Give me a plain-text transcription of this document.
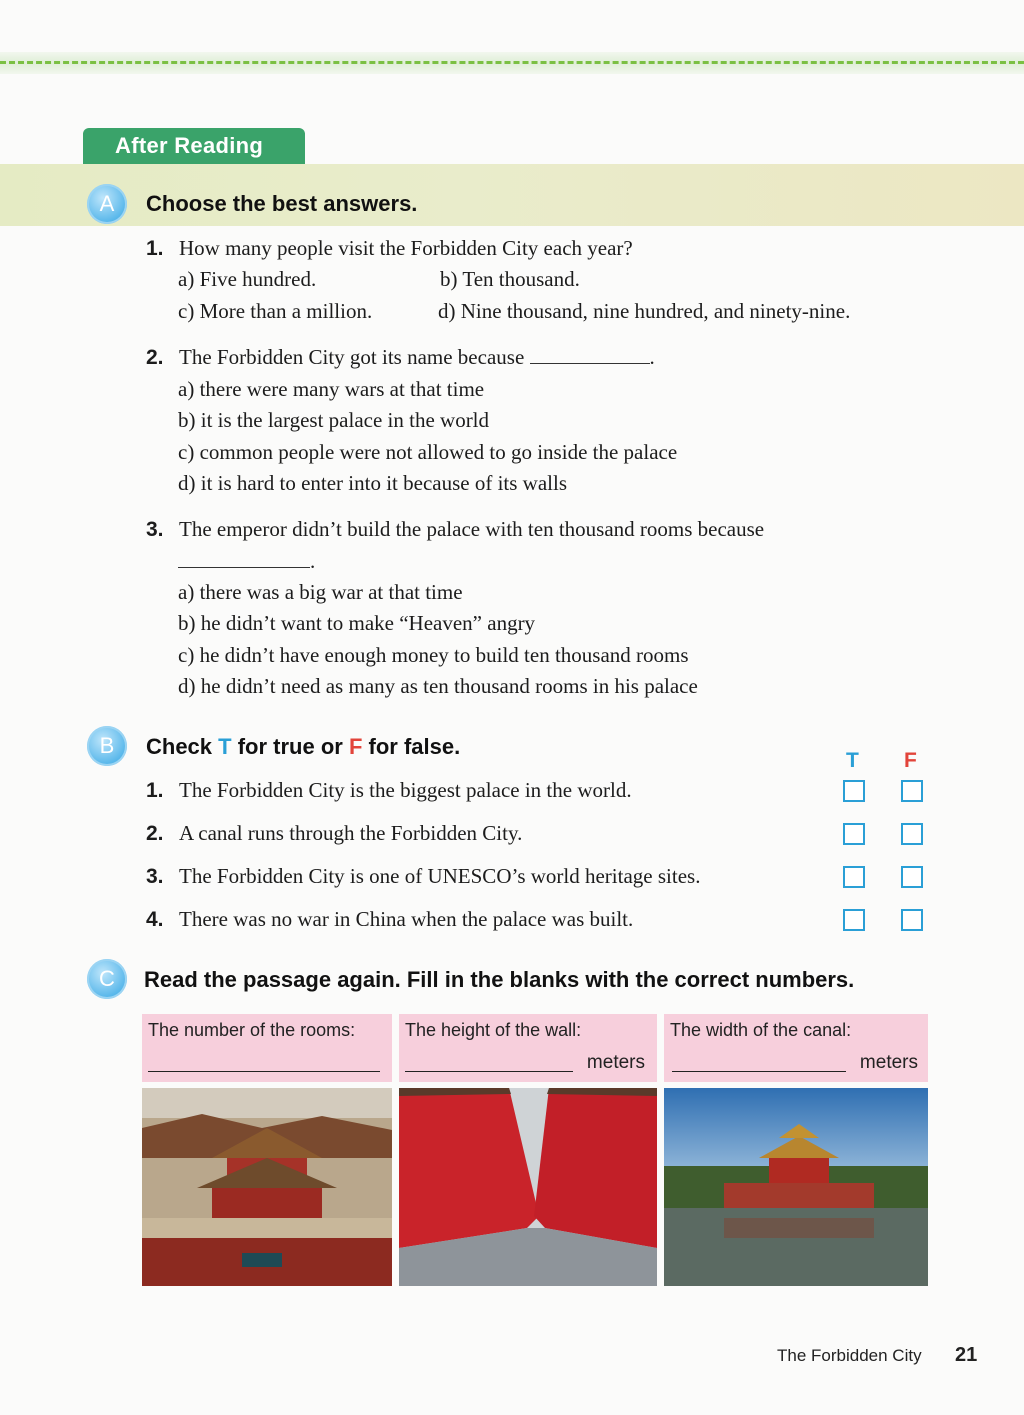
After Reading
A	Choose the best answers.
1. How many people visit the Forbidden City each year?
a) Five hundred.	b) Ten thousand.
c) More than a million.	d) Nine thousand, nine hundred, and ninety-nine.
2. The Forbidden City got its name because	.
a) there were many wars at that time
b) it is the largest palace in the world
c) common people were not allowed to go inside the palace
d) it is hard to enter into it because of its walls
3. The emperor didn’t build the palace with ten thousand rooms because
.
a) there was a big war at that time
b) he didn’t want to make “Heaven” angry
c) he didn’t have enough money to build ten thousand rooms
d) he didn’t need as many as ten thousand rooms in his palace
B	Check T for true or F for false.
T F
1. The Forbidden City is the biggest palace in the world.
2. A canal runs through the Forbidden City.
3. The Forbidden City is one of UNESCO’s world heritage sites.
4. There was no war in China when the palace was built.
C	Read the passage again. Fill in the blanks with the correct numbers.
The number of the rooms:	The height of the wall:
meters
The width of the canal:
meters
The Forbidden City 21
